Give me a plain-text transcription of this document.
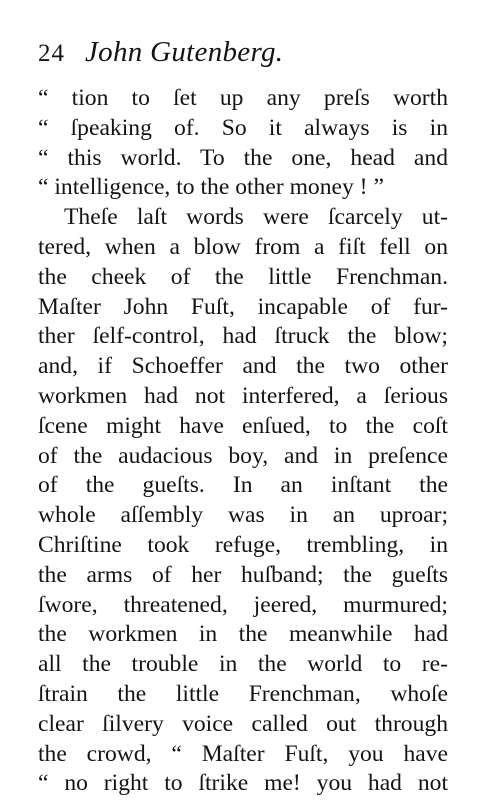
24 John Gutenberg.
“ tion to ſet up any preſs worth
“ ſpeaking of. So it always is in
“ this world. To the one, head and
“ intelligence, to the other money ! ”
Theſe laſt words were ſcarcely ut-
tered, when a blow from a fiſt fell on
the cheek of the little Frenchman.
Maſter John Fuſt, incapable of fur-
ther ſelf-control, had ſtruck the blow;
and, if Schoeffer and the two other
workmen had not interfered, a ſerious
ſcene might have enſued, to the coſt
of the audacious boy, and in preſence
of the gueſts. In an inſtant the
whole aſſembly was in an uproar;
Chriſtine took refuge, trembling, in
the arms of her huſband; the gueſts
ſwore, threatened, jeered, murmured;
the workmen in the meanwhile had
all the trouble in the world to re-
ſtrain the little Frenchman, whoſe
clear ſilvery voice called out through
the crowd, “ Maſter Fuſt, you have
“ no right to ſtrike me! you had not
